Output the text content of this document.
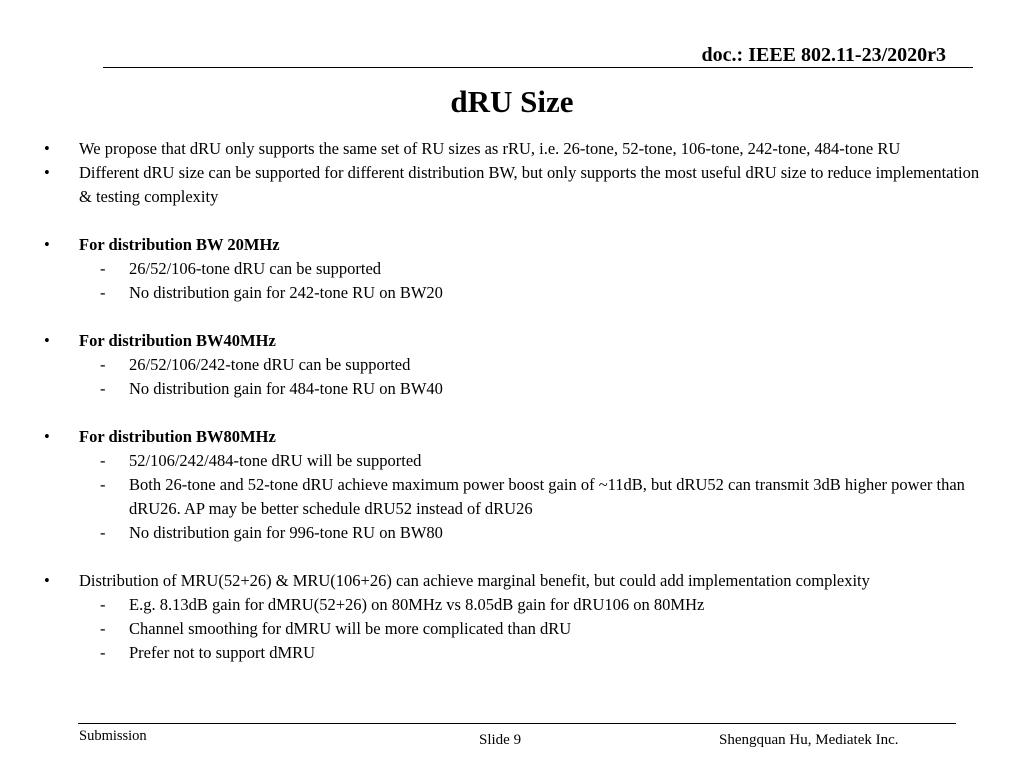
doc.: IEEE 802.11-23/2020r3
dRU Size
• We propose that dRU only supports the same set of RU sizes as rRU, i.e. 26-tone, 52-tone, 106-tone, 242-tone, 484-tone RU
• Different dRU size can be supported for different distribution BW, but only supports the most useful dRU size to reduce implementation & testing complexity
• For distribution BW 20MHz
- 26/52/106-tone dRU can be supported
- No distribution gain for 242-tone RU on BW20
• For distribution BW40MHz
- 26/52/106/242-tone dRU can be supported
- No distribution gain for 484-tone RU on BW40
• For distribution BW80MHz
- 52/106/242/484-tone dRU will be supported
- Both 26-tone and 52-tone dRU achieve maximum power boost gain of ~11dB, but dRU52 can transmit 3dB higher power than dRU26. AP may be better schedule dRU52 instead of dRU26
- No distribution gain for 996-tone RU on BW80
• Distribution of MRU(52+26) & MRU(106+26) can achieve marginal benefit, but could add implementation complexity
- E.g. 8.13dB gain for dMRU(52+26) on 80MHz vs 8.05dB gain for dRU106 on 80MHz
- Channel smoothing for dMRU will be more complicated than dRU
- Prefer not to support dMRU
Submission	Slide 9	Shengquan Hu, Mediatek Inc.
